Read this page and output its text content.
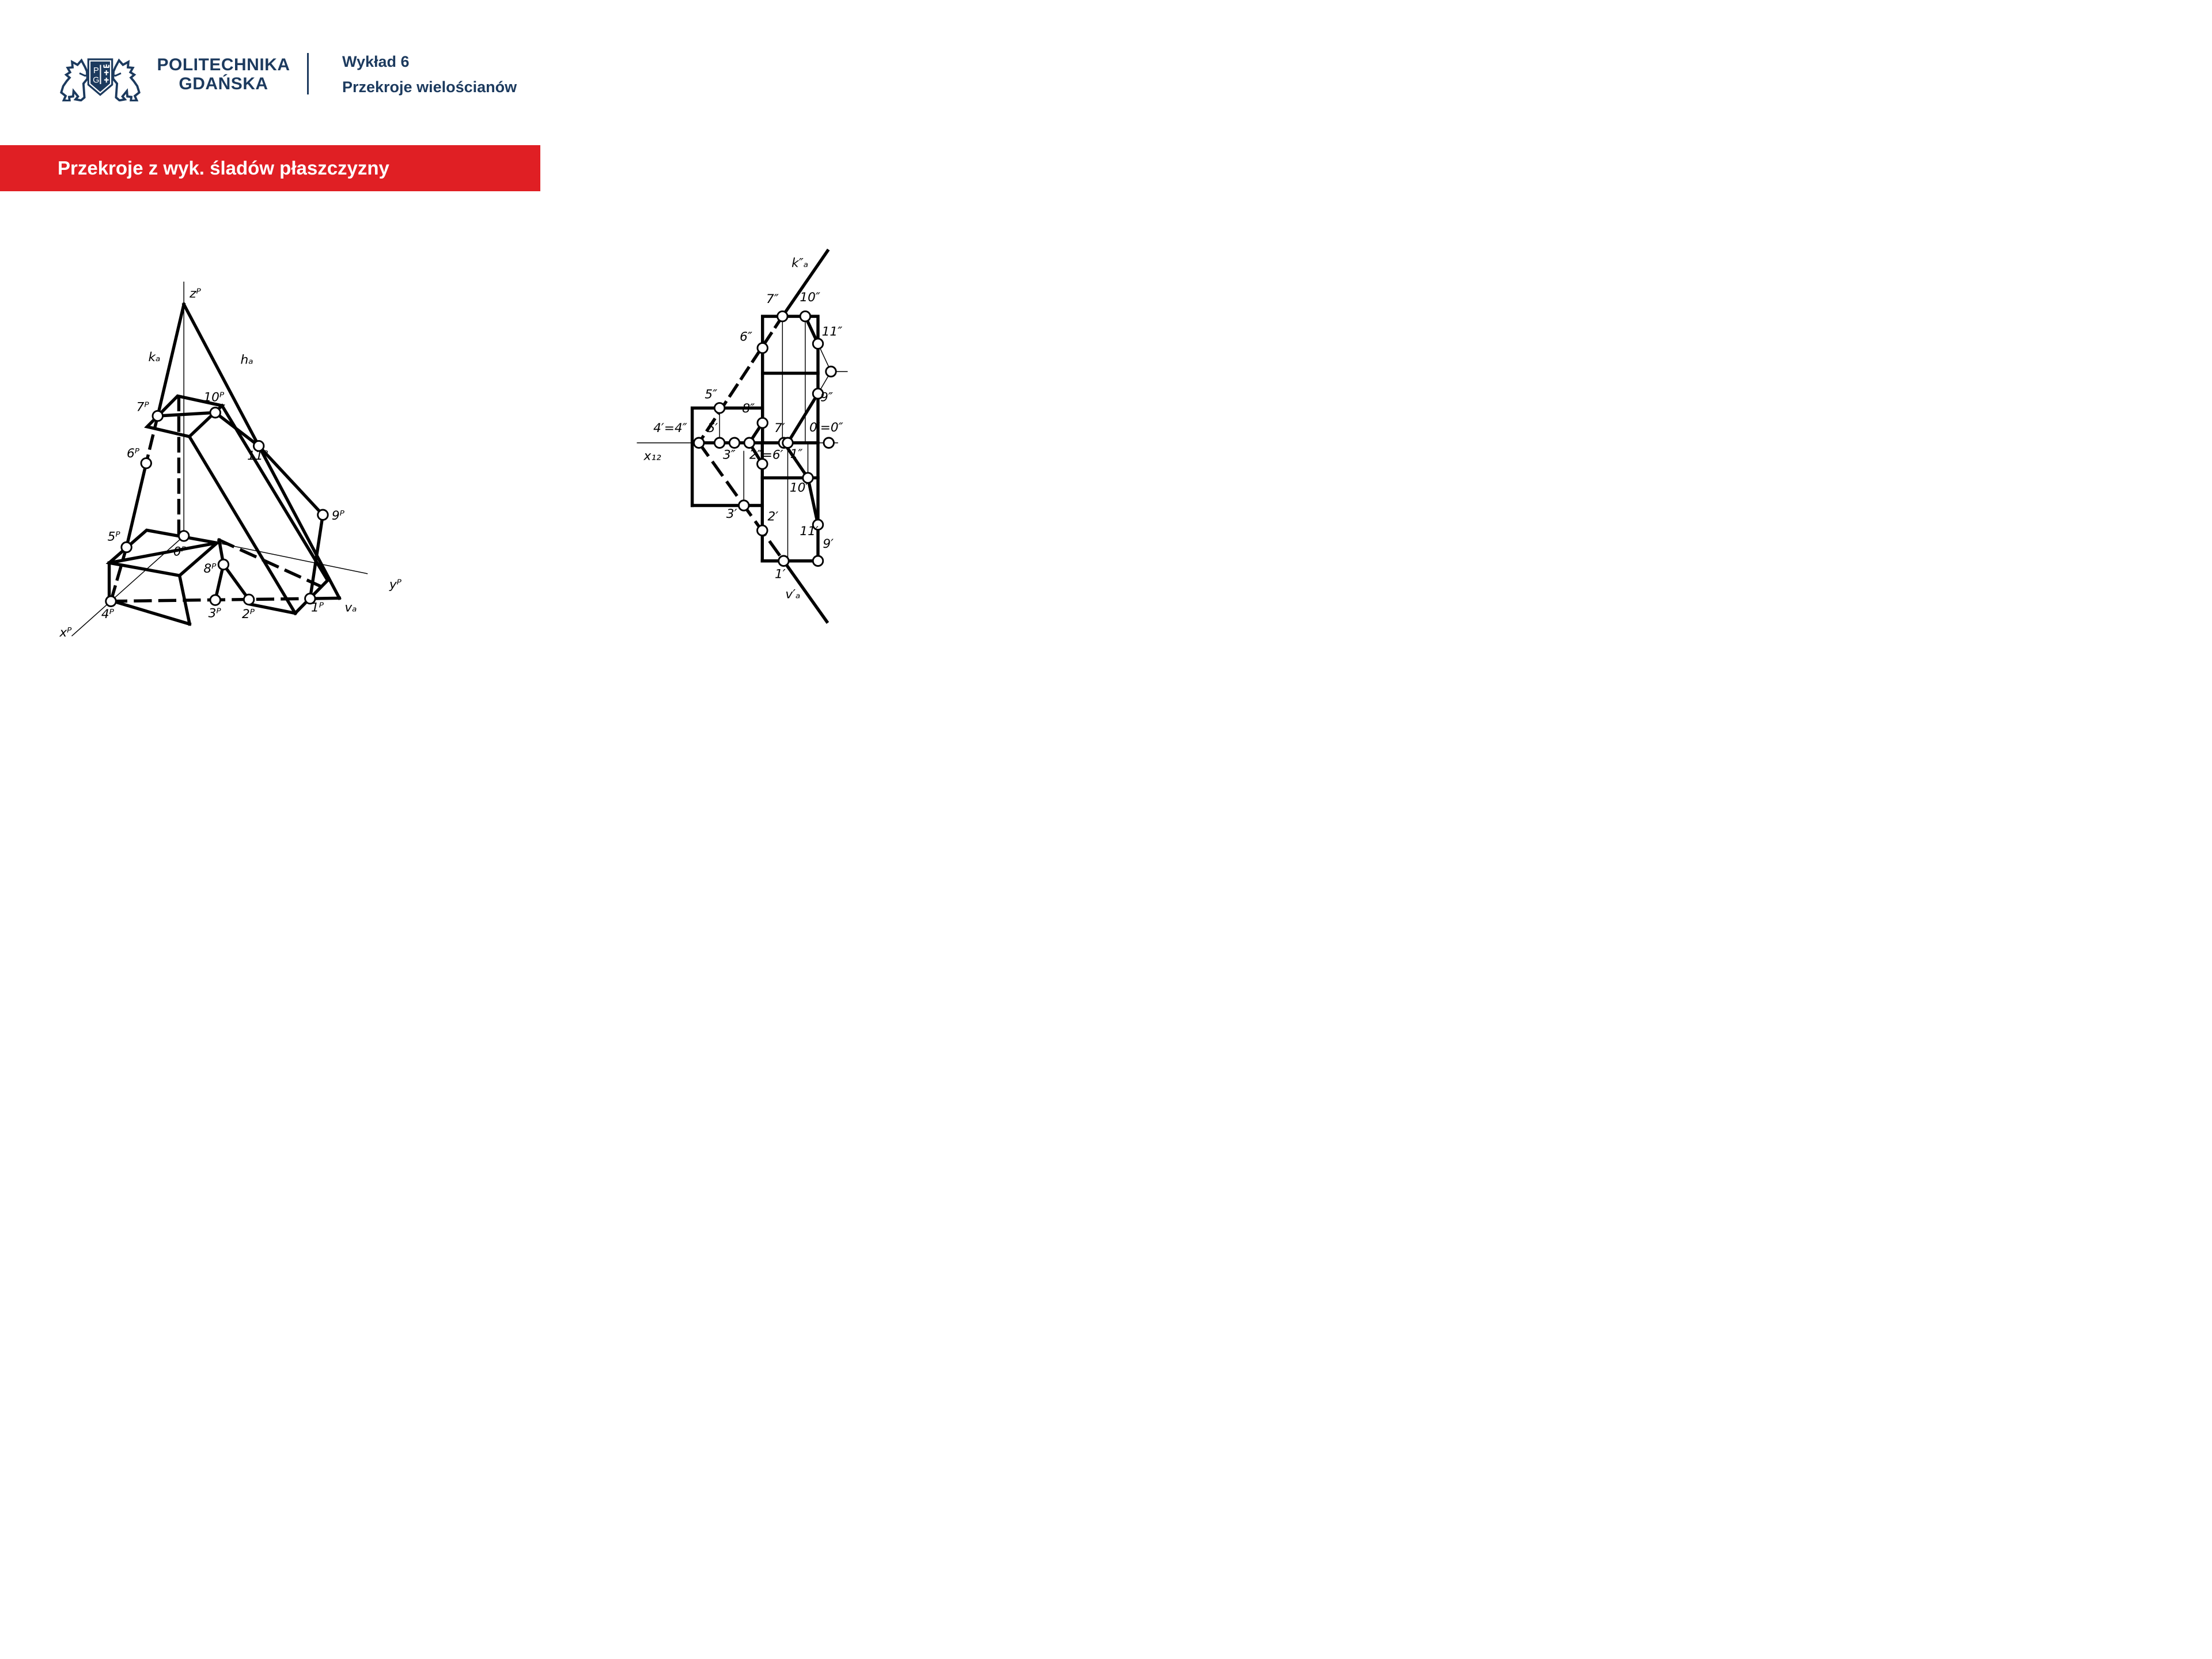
P
G
POLITECHNIKA
GDAŃSKA
Wykład 6
Przekroje wielościanów
Przekroje z wyk. śladów płaszczyzny
zᴾ
kₐ	hₐ
10ᴾ
7ᴾ
11ᴾ
6ᴾ
5ᴾ
0ᴾ
8ᴾ
9ᴾ
4ᴾ	3ᴾ 2ᴾ 1ᴾ vₐ
yᴾ
xᴾ
k″ₐ
7″ 10″
11″
6″
9″
5″
8″
4′=4″ 5′
x₁₂ 3″ 2″=6′
7′
1″
0′=0″
10′
3′ 2′
11′
9′
1′
v′ₐ
